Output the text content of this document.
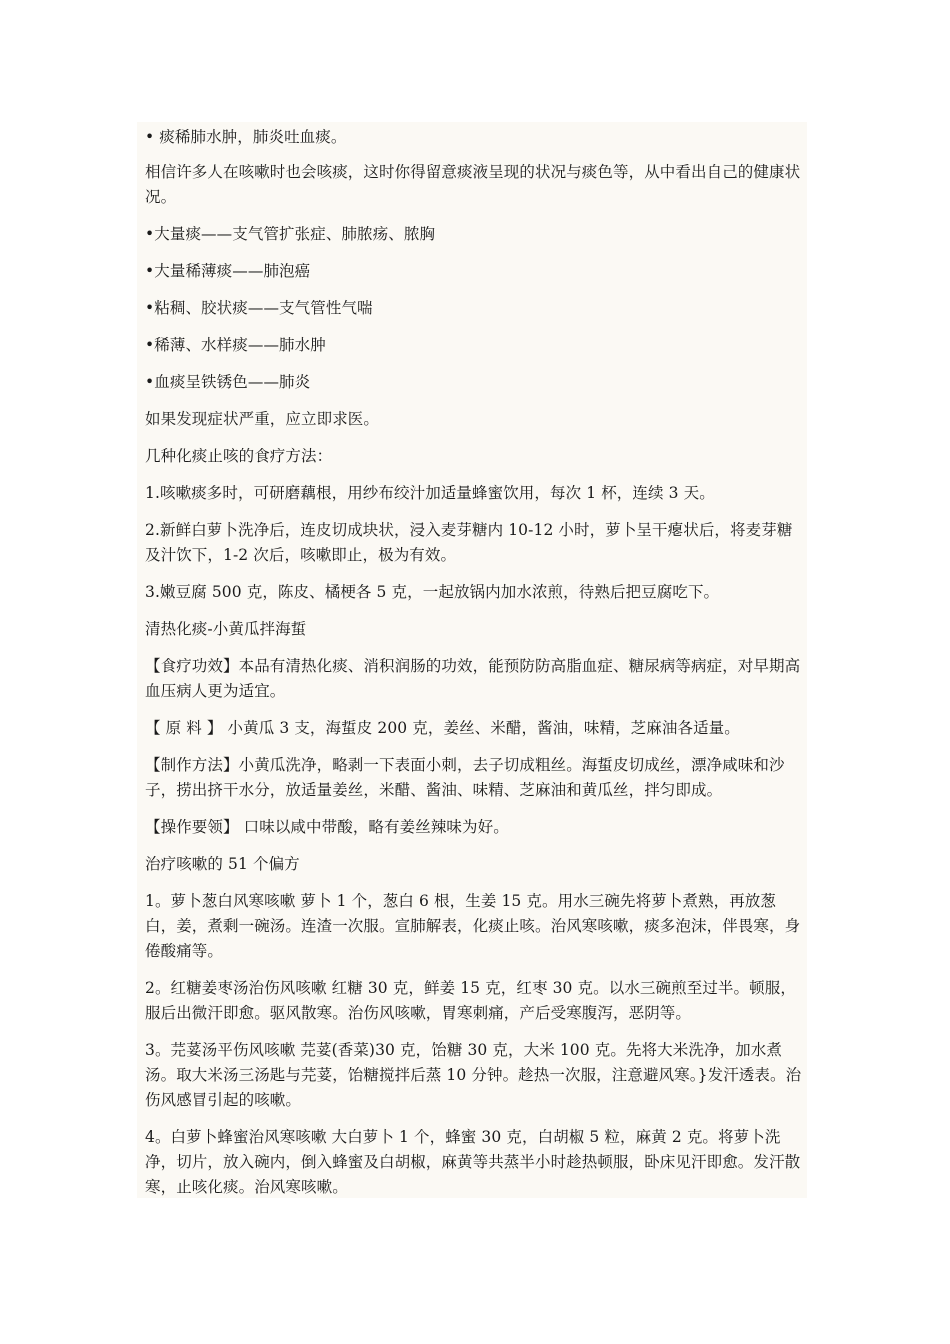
• 痰稀肺水肿，肺炎吐血痰。

相信许多人在咳嗽时也会咳痰，这时你得留意痰液呈现的状况与痰色等，从中看出自己的健康状况。

•大量痰——支气管扩张症、肺脓疡、脓胸

•大量稀薄痰——肺泡癌

•粘稠、胶状痰——支气管性气喘

•稀薄、水样痰——肺水肿

•血痰呈铁锈色——肺炎

如果发现症状严重，应立即求医。

几种化痰止咳的食疗方法：

1.咳嗽痰多时，可研磨藕根，用纱布绞汁加适量蜂蜜饮用，每次 1 杯，连续 3 天。

2.新鲜白萝卜洗净后，连皮切成块状，浸入麦芽糖内 10-12 小时，萝卜呈干瘪状后，将麦芽糖及汁饮下，1-2 次后，咳嗽即止，极为有效。

3.嫩豆腐 500 克，陈皮、橘梗各 5 克，一起放锅内加水浓煎，待熟后把豆腐吃下。

清热化痰-小黄瓜拌海蜇

【食疗功效】本品有清热化痰、消积润肠的功效，能预防防高脂血症、糖尿病等病症，对早期高血压病人更为适宜。

【 原 料 】 小黄瓜 3 支，海蜇皮 200 克，姜丝、米醋，酱油，味精，芝麻油各适量。

【制作方法】小黄瓜洗净，略剥一下表面小刺，去子切成粗丝。海蜇皮切成丝，漂净咸味和沙子，捞出挤干水分，放适量姜丝，米醋、酱油、味精、芝麻油和黄瓜丝，拌匀即成。

【操作要领】 口味以咸中带酸，略有姜丝辣味为好。

治疗咳嗽的 51 个偏方

1。萝卜葱白风寒咳嗽 萝卜 1 个，葱白 6 根，生姜 15 克。用水三碗先将萝卜煮熟，再放葱白，姜，煮剩一碗汤。连渣一次服。宣肺解表，化痰止咳。治风寒咳嗽，痰多泡沫，伴畏寒，身倦酸痛等。

2。红糖姜枣汤治伤风咳嗽 红糖 30 克，鲜姜 15 克，红枣 30 克。以水三碗煎至过半。顿服，服后出微汗即愈。驱风散寒。治伤风咳嗽，胃寒刺痛，产后受寒腹泻，恶阴等。

3。芫荽汤平伤风咳嗽 芫荽(香菜)30 克，饴糖 30 克，大米 100 克。先将大米洗净，加水煮汤。取大米汤三汤匙与芫荽，饴糖搅拌后蒸 10 分钟。趁热一次服，注意避风寒。}发汗透表。治伤风感冒引起的咳嗽。

4。白萝卜蜂蜜治风寒咳嗽 大白萝卜 1 个，蜂蜜 30 克，白胡椒 5 粒，麻黄 2 克。将萝卜洗净，切片，放入碗内，倒入蜂蜜及白胡椒，麻黄等共蒸半小时趁热顿服，卧床见汗即愈。发汗散寒，止咳化痰。治风寒咳嗽。
